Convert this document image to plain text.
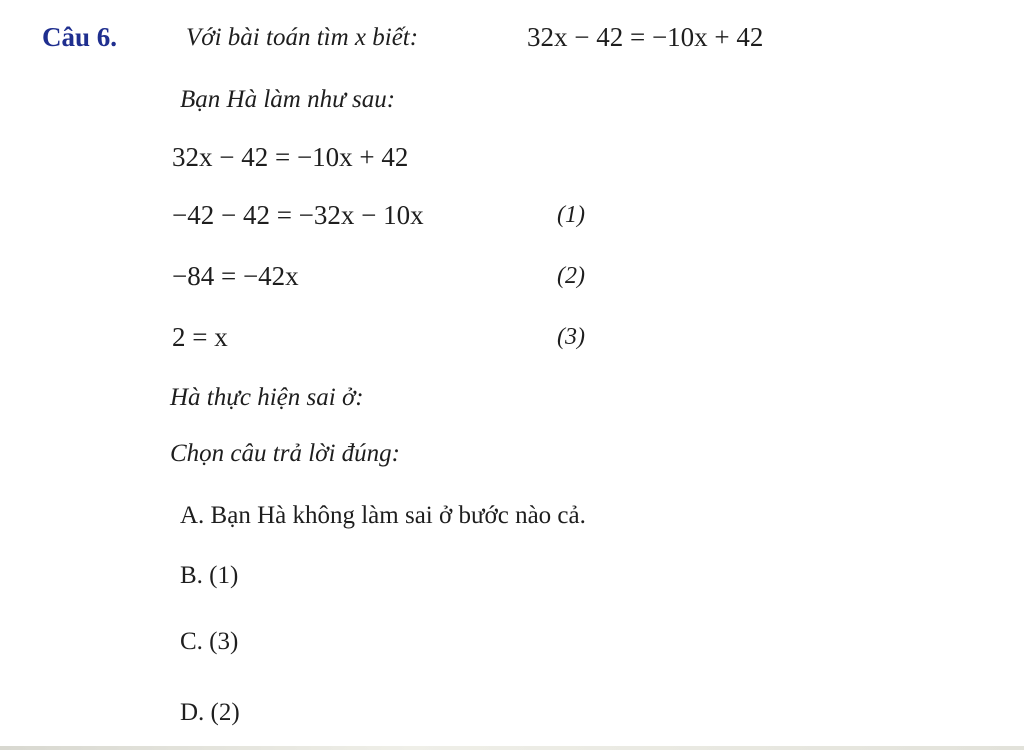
Câu 6.	Với bài toán tìm x biết:	32x − 42 = −10x + 42
Bạn Hà làm như sau:
32x − 42 = −10x + 42
−42 − 42 = −32x − 10x	(1)
−84 = −42x	(2)
2 = x	(3)
Hà thực hiện sai ở:
Chọn câu trả lời đúng:
A. Bạn Hà không làm sai ở bước nào cả.
B. (1)
C. (3)
D. (2)
